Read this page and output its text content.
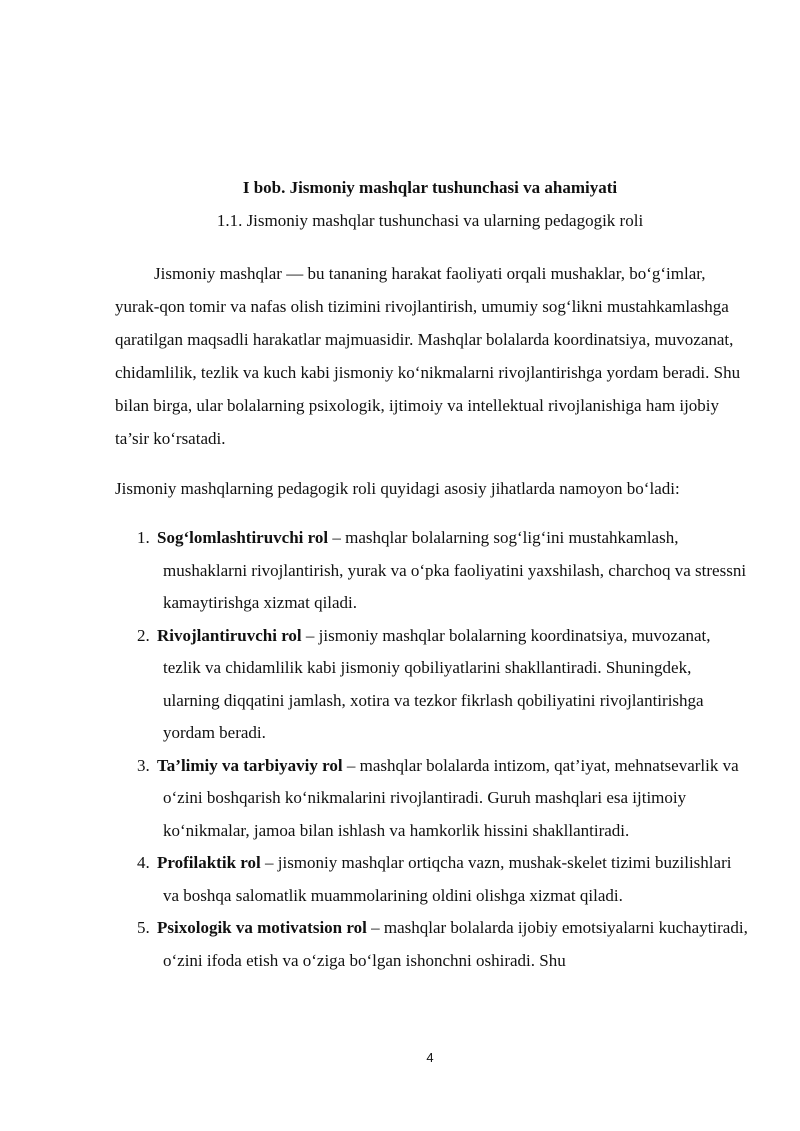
I bob. Jismoniy mashqlar tushunchasi va ahamiyati
1.1. Jismoniy mashqlar tushunchasi va ularning pedagogik roli
Jismoniy mashqlar — bu tananing harakat faoliyati orqali mushaklar, bo‘g‘imlar, yurak-qon tomir va nafas olish tizimini rivojlantirish, umumiy sog‘likni mustahkamlashga qaratilgan maqsadli harakatlar majmuasidir. Mashqlar bolalarda koordinatsiya, muvozanat, chidamlilik, tezlik va kuch kabi jismoniy ko‘nikmalarni rivojlantirishga yordam beradi. Shu bilan birga, ular bolalarning psixologik, ijtimoiy va intellektual rivojlanishiga ham ijobiy ta’sir ko‘rsatadi.
Jismoniy mashqlarning pedagogik roli quyidagi asosiy jihatlarda namoyon bo‘ladi:
1. Sog‘lomlashtiruvchi rol – mashqlar bolalarning sog‘lig‘ini mustahkamlash, mushaklarni rivojlantirish, yurak va o‘pka faoliyatini yaxshilash, charchoq va stressni kamaytirishga xizmat qiladi.
2. Rivojlantiruvchi rol – jismoniy mashqlar bolalarning koordinatsiya, muvozanat, tezlik va chidamlilik kabi jismoniy qobiliyatlarini shakllantiradi. Shuningdek, ularning diqqatini jamlash, xotira va tezkor fikrlash qobiliyatini rivojlantirishga yordam beradi.
3. Ta’limiy va tarbiyaviy rol – mashqlar bolalarda intizom, qat’iyat, mehnatsevarlik va o‘zini boshqarish ko‘nikmalarini rivojlantiradi. Guruh mashqlari esa ijtimoiy ko‘nikmalar, jamoa bilan ishlash va hamkorlik hissini shakllantiradi.
4. Profilaktik rol – jismoniy mashqlar ortiqcha vazn, mushak-skelet tizimi buzilishlari va boshqa salomatlik muammolarining oldini olishga xizmat qiladi.
5. Psixologik va motivatsion rol – mashqlar bolalarda ijobiy emotsiyalarni kuchaytiradi, o‘zini ifoda etish va o‘ziga bo‘lgan ishonchni oshiradi. Shu
4
